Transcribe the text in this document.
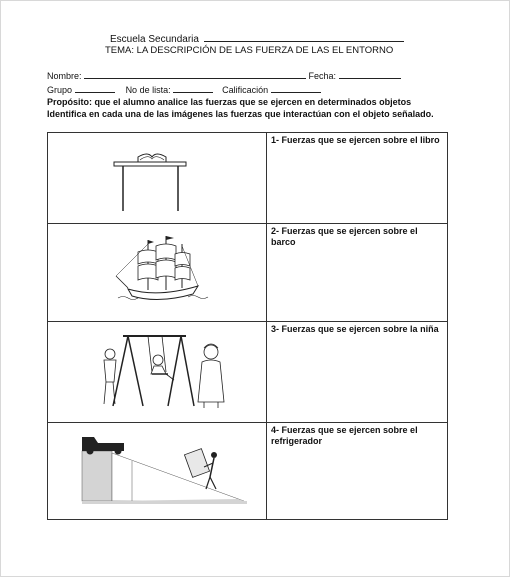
Escuela Secundaria
TEMA: LA DESCRIPCIÓN DE LAS FUERZA DE LAS EL ENTORNO
Nombre:	Fecha:
Grupo	No de lista:	Calificación
Propósito: que el alumno analice las fuerzas que se ejercen en determinados objetos
Identifica en cada una de las imágenes las fuerzas que interactúan con el objeto señalado.
	1- Fuerzas que se ejercen sobre el libro

	2- Fuerzas que se ejercen sobre el barco

	3- Fuerzas que se ejercen sobre la niña

	4- Fuerzas que se ejercen sobre el refrigerador
